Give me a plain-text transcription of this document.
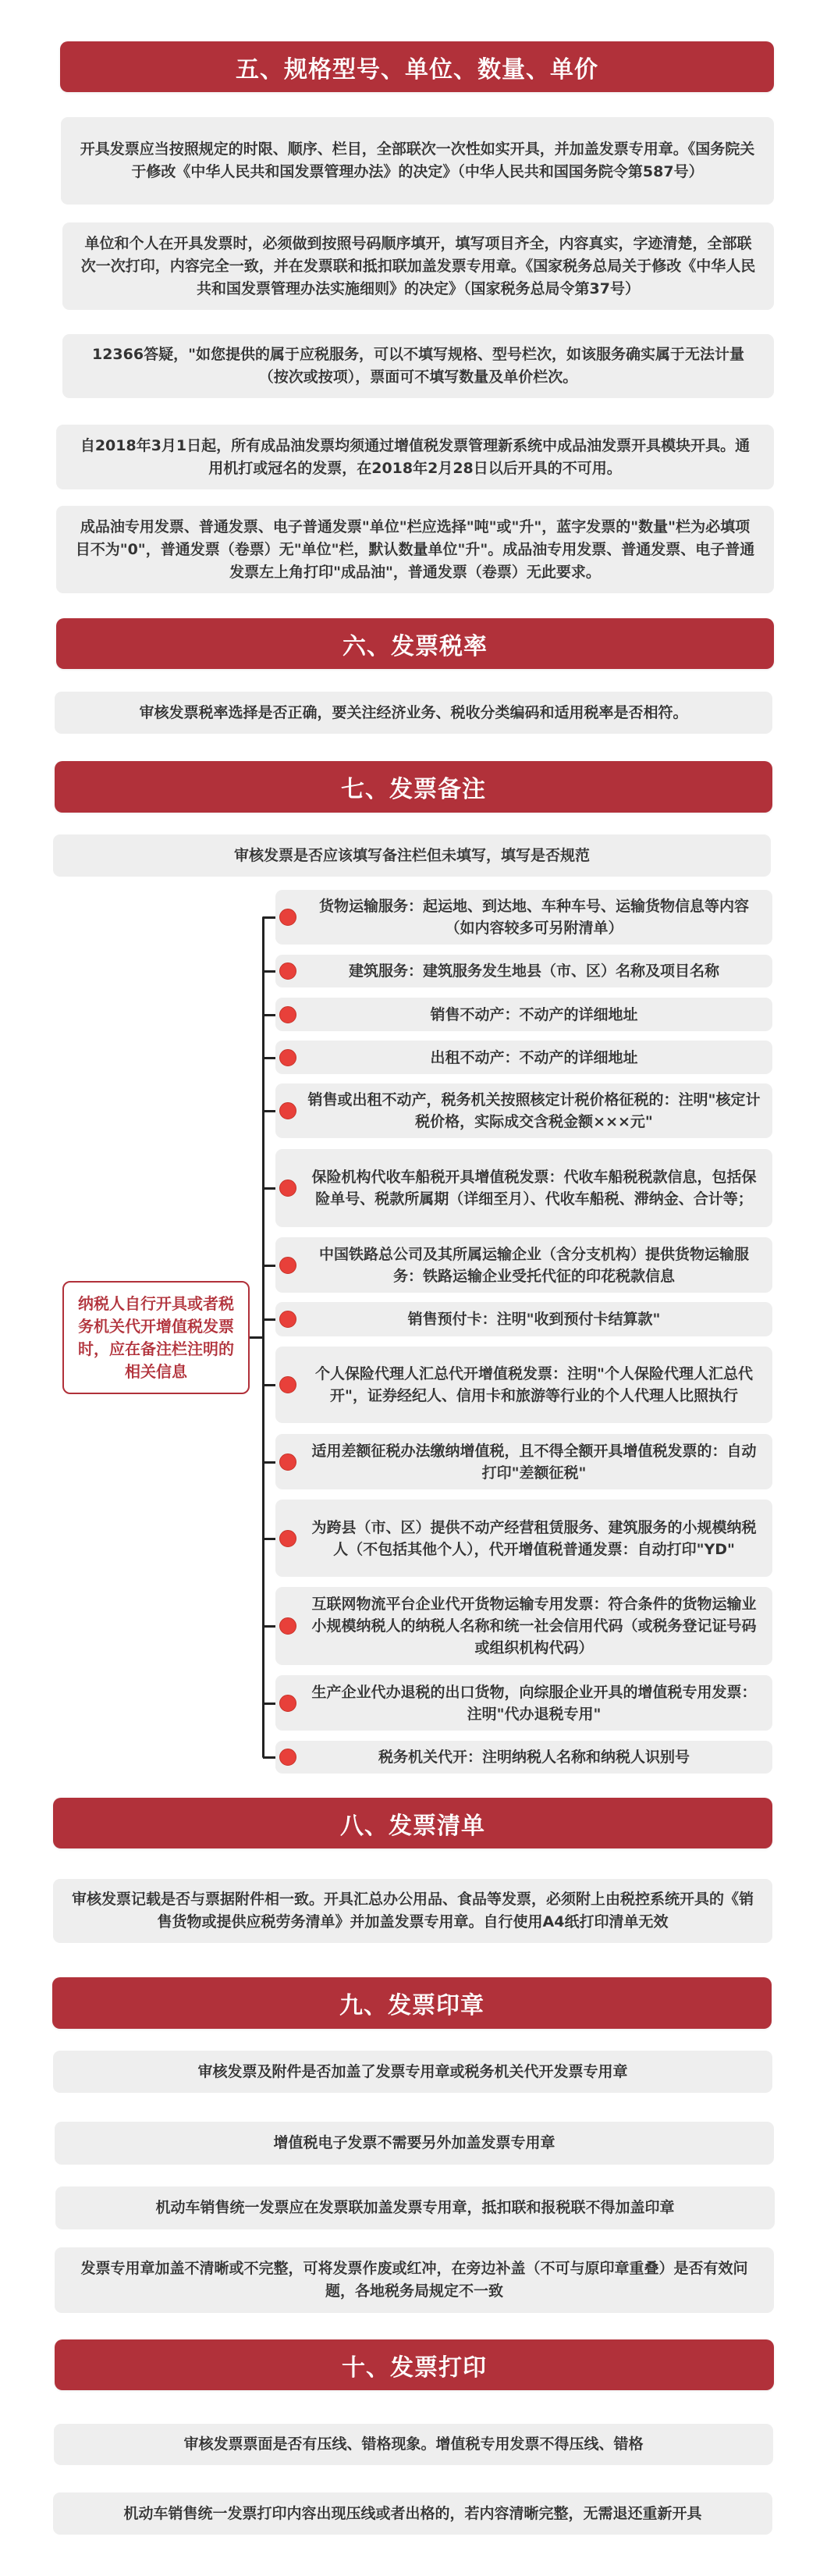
五、规格型号、单位、数量、单价
开具发票应当按照规定的时限、顺序、栏目，全部联次一次性如实开具，并加盖发票专用章。《国务院关于修改《中华人民共和国发票管理办法》的决定》（中华人民共和国国务院令第587号）
单位和个人在开具发票时，必须做到按照号码顺序填开，填写项目齐全，内容真实，字迹清楚，全部联次一次打印，内容完全一致，并在发票联和抵扣联加盖发票专用章。《国家税务总局关于修改《中华人民共和国发票管理办法实施细则》的决定》（国家税务总局令第37号）
12366答疑，"如您提供的属于应税服务，可以不填写规格、型号栏次，如该服务确实属于无法计量（按次或按项），票面可不填写数量及单价栏次。
自2018年3月1日起，所有成品油发票均须通过增值税发票管理新系统中成品油发票开具模块开具。通用机打或冠名的发票，在2018年2月28日以后开具的不可用。
成品油专用发票、普通发票、电子普通发票"单位"栏应选择"吨"或"升"，蓝字发票的"数量"栏为必填项目不为"0"，普通发票（卷票）无"单位"栏，默认数量单位"升"。成品油专用发票、普通发票、电子普通发票左上角打印"成品油"，普通发票（卷票）无此要求。
六、发票税率
审核发票税率选择是否正确，要关注经济业务、税收分类编码和适用税率是否相符。
七、发票备注
审核发票是否应该填写备注栏但未填写，填写是否规范
纳税人自行开具或者税务机关代开增值税发票时，应在备注栏注明的相关信息
货物运输服务：起运地、到达地、车种车号、运输货物信息等内容（如内容较多可另附清单）
建筑服务：建筑服务发生地县（市、区）名称及项目名称
销售不动产：不动产的详细地址
出租不动产：不动产的详细地址
销售或出租不动产，税务机关按照核定计税价格征税的：注明"核定计税价格，实际成交含税金额×××元"
保险机构代收车船税开具增值税发票：代收车船税税款信息，包括保险单号、税款所属期（详细至月）、代收车船税、滞纳金、合计等；
中国铁路总公司及其所属运输企业（含分支机构）提供货物运输服务：铁路运输企业受托代征的印花税款信息
销售预付卡：注明"收到预付卡结算款"
个人保险代理人汇总代开增值税发票：注明"个人保险代理人汇总代开"，证券经纪人、信用卡和旅游等行业的个人代理人比照执行
适用差额征税办法缴纳增值税，且不得全额开具增值税发票的：自动打印"差额征税"
为跨县（市、区）提供不动产经营租赁服务、建筑服务的小规模纳税人（不包括其他个人），代开增值税普通发票：自动打印"YD"
互联网物流平台企业代开货物运输专用发票：符合条件的货物运输业小规模纳税人的纳税人名称和统一社会信用代码（或税务登记证号码或组织机构代码）
生产企业代办退税的出口货物，向综服企业开具的增值税专用发票：注明"代办退税专用"
税务机关代开：注明纳税人名称和纳税人识别号
八、发票清单
审核发票记载是否与票据附件相一致。开具汇总办公用品、食品等发票，必须附上由税控系统开具的《销售货物或提供应税劳务清单》并加盖发票专用章。自行使用A4纸打印清单无效
九、发票印章
审核发票及附件是否加盖了发票专用章或税务机关代开发票专用章
增值税电子发票不需要另外加盖发票专用章
机动车销售统一发票应在发票联加盖发票专用章，抵扣联和报税联不得加盖印章
发票专用章加盖不清晰或不完整，可将发票作废或红冲，在旁边补盖（不可与原印章重叠）是否有效问题，各地税务局规定不一致
十、发票打印
审核发票票面是否有压线、错格现象。增值税专用发票不得压线、错格
机动车销售统一发票打印内容出现压线或者出格的，若内容清晰完整，无需退还重新开具
